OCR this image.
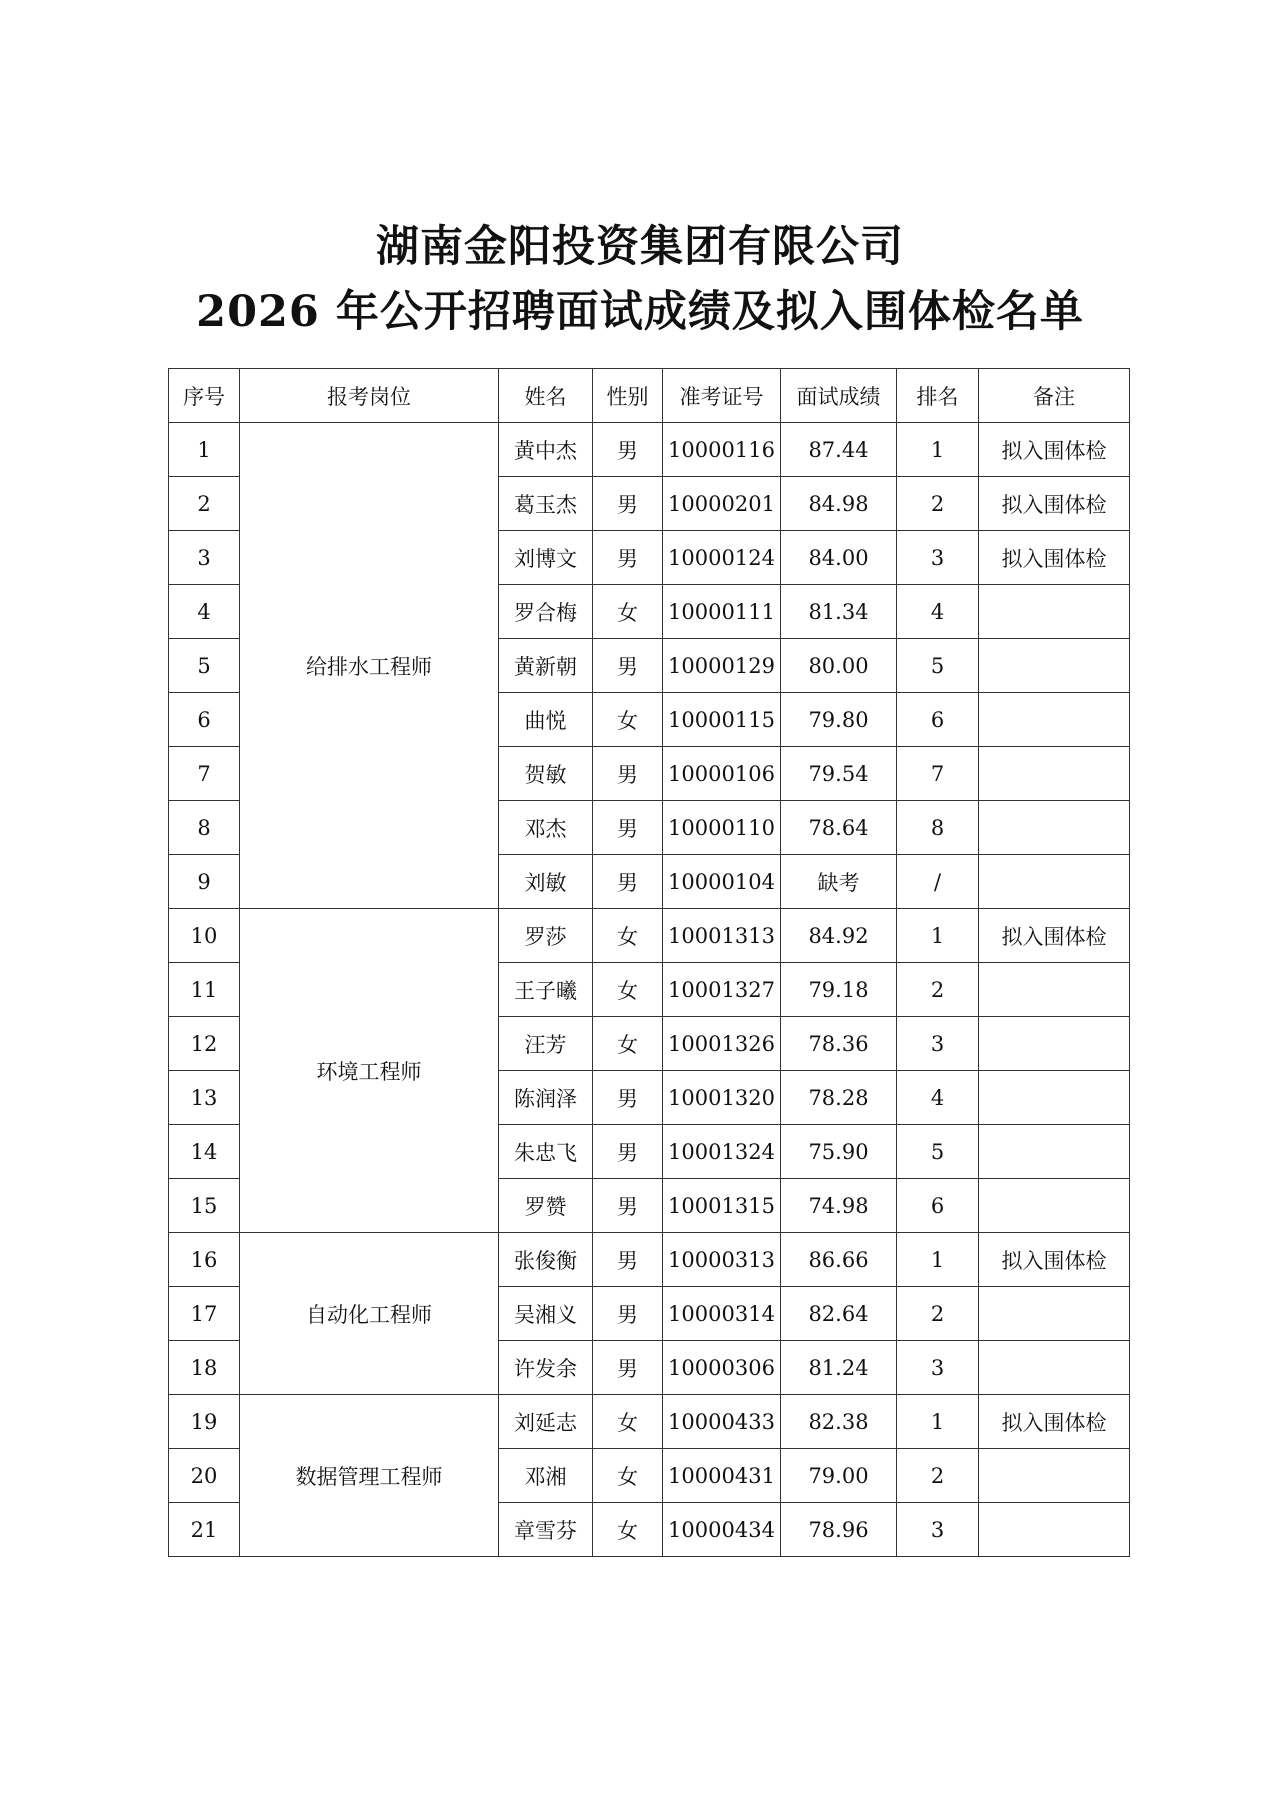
湖南金阳投资集团有限公司
2026 年公开招聘面试成绩及拟入围体检名单
序号	报考岗位	姓名	性别	准考证号	面试成绩	排名	备注
1	给排水工程师	黄中杰	男	10000116	87.44	1	拟入围体检
2		葛玉杰	男	10000201	84.98	2	拟入围体检
3		刘博文	男	10000124	84.00	3	拟入围体检
4		罗合梅	女	10000111	81.34	4	
5		黄新朝	男	10000129	80.00	5	
6		曲悦	女	10000115	79.80	6	
7		贺敏	男	10000106	79.54	7	
8		邓杰	男	10000110	78.64	8	
9		刘敏	男	10000104	缺考	/	
10	环境工程师	罗莎	女	10001313	84.92	1	拟入围体检
11		王子曦	女	10001327	79.18	2	
12		汪芳	女	10001326	78.36	3	
13		陈润泽	男	10001320	78.28	4	
14		朱忠飞	男	10001324	75.90	5	
15		罗赞	男	10001315	74.98	6	
16	自动化工程师	张俊衡	男	10000313	86.66	1	拟入围体检
17		吴湘义	男	10000314	82.64	2	
18		许发余	男	10000306	81.24	3	
19	数据管理工程师	刘延志	女	10000433	82.38	1	拟入围体检
20		邓湘	女	10000431	79.00	2	
21		章雪芬	女	10000434	78.96	3	
